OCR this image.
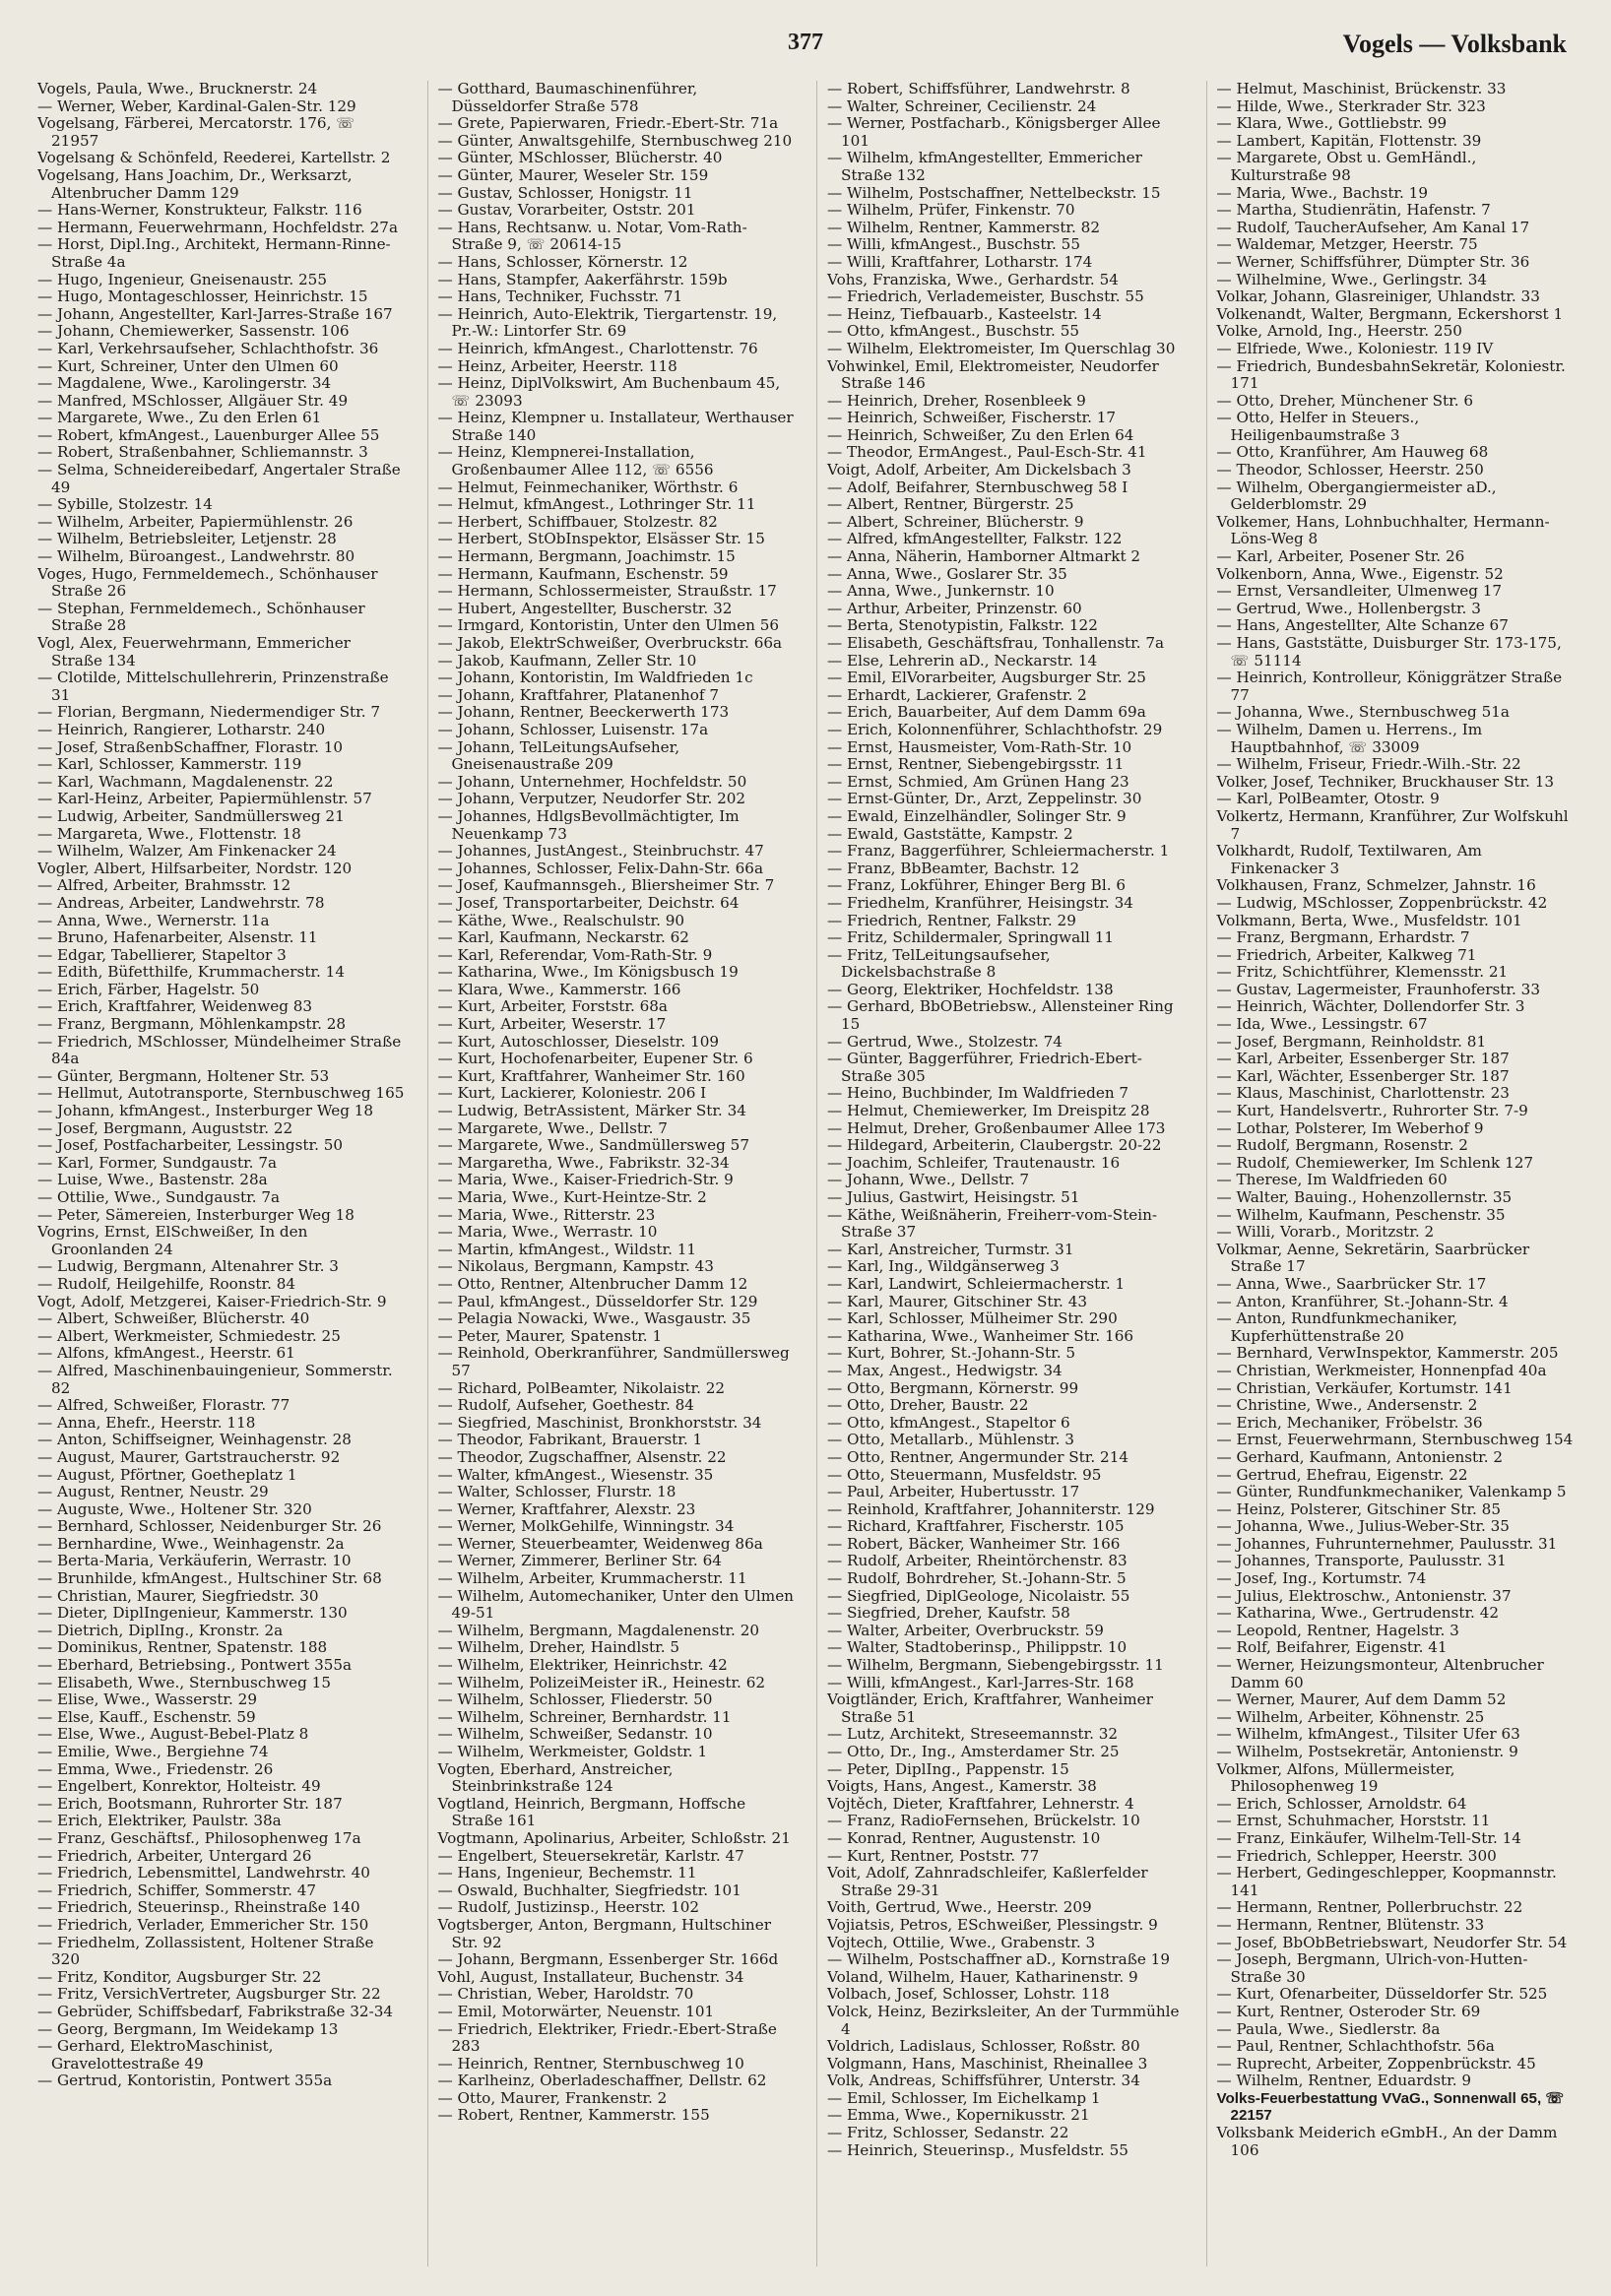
377	Vogels — Volksbank
Vogels, Paula, Wwe., Brucknerstr. 24
— Werner, Weber, Kardinal-Galen-Str. 129
Vogelsang, Färberei, Mercatorstr. 176, ☏ 21957
Vogelsang & Schönfeld, Reederei, Kartellstr. 2
Vogelsang, Hans Joachim, Dr., Werksarzt, Altenbrucher Damm 129
— Hans-Werner, Konstrukteur, Falkstr. 116
— Hermann, Feuerwehrmann, Hochfeldstr. 27a
— Horst, Dipl.Ing., Architekt, Hermann-Rinne-Straße 4a
— Hugo, Ingenieur, Gneisenaustr. 255
— Hugo, Montageschlosser, Heinrichstr. 15
— Johann, Angestellter, Karl-Jarres-Straße 167
— Johann, Chemiewerker, Sassenstr. 106
— Karl, Verkehrsaufseher, Schlachthofstr. 36
— Kurt, Schreiner, Unter den Ulmen 60
— Magdalene, Wwe., Karolingerstr. 34
— Manfred, MSchlosser, Allgäuer Str. 49
— Margarete, Wwe., Zu den Erlen 61
— Robert, kfmAngest., Lauenburger Allee 55
— Robert, Straßenbahner, Schliemannstr. 3
— Selma, Schneidereibedarf, Angertaler Straße 49
— Sybille, Stolzestr. 14
— Wilhelm, Arbeiter, Papiermühlenstr. 26
— Wilhelm, Betriebsleiter, Letjenstr. 28
— Wilhelm, Büroangest., Landwehrstr. 80
Voges, Hugo, Fernmeldemech., Schönhauser Straße 26
— Stephan, Fernmeldemech., Schönhauser Straße 28
Vogl, Alex, Feuerwehrmann, Emmericher Straße 134
— Clotilde, Mittelschullehrerin, Prinzenstraße 31
— Florian, Bergmann, Niedermendiger Str. 7
— Heinrich, Rangierer, Lotharstr. 240
— Josef, StraßenbSchaffner, Florastr. 10
— Karl, Schlosser, Kammerstr. 119
— Karl, Wachmann, Magdalenenstr. 22
— Karl-Heinz, Arbeiter, Papiermühlenstr. 57
— Ludwig, Arbeiter, Sandmüllersweg 21
— Margareta, Wwe., Flottenstr. 18
— Wilhelm, Walzer, Am Finkenacker 24
Vogler, Albert, Hilfsarbeiter, Nordstr. 120
— Alfred, Arbeiter, Brahmsstr. 12
— Andreas, Arbeiter, Landwehrstr. 78
— Anna, Wwe., Wernerstr. 11a
— Bruno, Hafenarbeiter, Alsenstr. 11
— Edgar, Tabellierer, Stapeltor 3
— Edith, Büfetthilfe, Krummacherstr. 14
— Erich, Färber, Hagelstr. 50
— Erich, Kraftfahrer, Weidenweg 83
— Franz, Bergmann, Möhlenkampstr. 28
— Friedrich, MSchlosser, Mündelheimer Straße 84a
— Günter, Bergmann, Holtener Str. 53
— Hellmut, Autotransporte, Sternbuschweg 165
— Johann, kfmAngest., Insterburger Weg 18
— Josef, Bergmann, Auguststr. 22
— Josef, Postfacharbeiter, Lessingstr. 50
— Karl, Former, Sundgaustr. 7a
— Luise, Wwe., Bastenstr. 28a
— Ottilie, Wwe., Sundgaustr. 7a
— Peter, Sämereien, Insterburger Weg 18
Vogrins, Ernst, ElSchweißer, In den Groonlanden 24
— Ludwig, Bergmann, Altenahrer Str. 3
— Rudolf, Heilgehilfe, Roonstr. 84
Vogt, Adolf, Metzgerei, Kaiser-Friedrich-Str. 9
— Albert, Schweißer, Blücherstr. 40
— Albert, Werkmeister, Schmiedestr. 25
— Alfons, kfmAngest., Heerstr. 61
— Alfred, Maschinenbauingenieur, Sommerstr. 82
— Alfred, Schweißer, Florastr. 77
— Anna, Ehefr., Heerstr. 118
— Anton, Schiffseigner, Weinhagenstr. 28
— August, Maurer, Gartstraucherstr. 92
— August, Pförtner, Goetheplatz 1
— August, Rentner, Neustr. 29
— Auguste, Wwe., Holtener Str. 320
— Bernhard, Schlosser, Neidenburger Str. 26
— Bernhardine, Wwe., Weinhagenstr. 2a
— Berta-Maria, Verkäuferin, Werrastr. 10
— Brunhilde, kfmAngest., Hultschiner Str. 68
— Christian, Maurer, Siegfriedstr. 30
— Dieter, DiplIngenieur, Kammerstr. 130
— Dietrich, DiplIng., Kronstr. 2a
— Dominikus, Rentner, Spatenstr. 188
— Eberhard, Betriebsing., Pontwert 355a
— Elisabeth, Wwe., Sternbuschweg 15
— Elise, Wwe., Wasserstr. 29
— Else, Kauff., Eschenstr. 59
— Else, Wwe., August-Bebel-Platz 8
— Emilie, Wwe., Bergiehne 74
— Emma, Wwe., Friedenstr. 26
— Engelbert, Konrektor, Holteistr. 49
— Erich, Bootsmann, Ruhrorter Str. 187
— Erich, Elektriker, Paulstr. 38a
— Franz, Geschäftsf., Philosophenweg 17a
— Friedrich, Arbeiter, Untergard 26
— Friedrich, Lebensmittel, Landwehrstr. 40
— Friedrich, Schiffer, Sommerstr. 47
— Friedrich, Steuerinsp., Rheinstraße 140
— Friedrich, Verlader, Emmericher Str. 150
— Friedhelm, Zollassistent, Holtener Straße 320
— Fritz, Konditor, Augsburger Str. 22
— Fritz, VersichVertreter, Augsburger Str. 22
— Gebrüder, Schiffsbedarf, Fabrikstraße 32-34
— Georg, Bergmann, Im Weidekamp 13
— Gerhard, ElektroMaschinist, Gravelottestraße 49
— Gertrud, Kontoristin, Pontwert 355a
— Gotthard, Baumaschinenführer, Düsseldorfer Straße 578
— Grete, Papierwaren, Friedr.-Ebert-Str. 71a
— Günter, Anwaltsgehilfe, Sternbuschweg 210
— Günter, MSchlosser, Blücherstr. 40
— Günter, Maurer, Weseler Str. 159
— Gustav, Schlosser, Honigstr. 11
— Gustav, Vorarbeiter, Oststr. 201
— Hans, Rechtsanw. u. Notar, Vom-Rath-Straße 9, ☏ 20614-15
— Hans, Schlosser, Körnerstr. 12
— Hans, Stampfer, Aakerfährstr. 159b
— Hans, Techniker, Fuchsstr. 71
— Heinrich, Auto-Elektrik, Tiergartenstr. 19, Pr.-W.: Lintorfer Str. 69
— Heinrich, kfmAngest., Charlottenstr. 76
— Heinz, Arbeiter, Heerstr. 118
— Heinz, DiplVolkswirt, Am Buchenbaum 45, ☏ 23093
— Heinz, Klempner u. Installateur, Werthauser Straße 140
— Heinz, Klempnerei-Installation, Großenbaumer Allee 112, ☏ 6556
— Helmut, Feinmechaniker, Wörthstr. 6
— Helmut, kfmAngest., Lothringer Str. 11
— Herbert, Schiffbauer, Stolzestr. 82
— Herbert, StObInspektor, Elsässer Str. 15
— Hermann, Bergmann, Joachimstr. 15
— Hermann, Kaufmann, Eschenstr. 59
— Hermann, Schlossermeister, Straußstr. 17
— Hubert, Angestellter, Buscherstr. 32
— Irmgard, Kontoristin, Unter den Ulmen 56
— Jakob, ElektrSchweißer, Overbruckstr. 66a
— Jakob, Kaufmann, Zeller Str. 10
— Johann, Kontoristin, Im Waldfrieden 1c
— Johann, Kraftfahrer, Platanenhof 7
— Johann, Rentner, Beeckerwerth 173
— Johann, Schlosser, Luisenstr. 17a
— Johann, TelLeitungsAufseher, Gneisenaustraße 209
— Johann, Unternehmer, Hochfeldstr. 50
— Johann, Verputzer, Neudorfer Str. 202
— Johannes, HdlgsBevollmächtigter, Im Neuenkamp 73
— Johannes, JustAngest., Steinbruchstr. 47
— Johannes, Schlosser, Felix-Dahn-Str. 66a
— Josef, Kaufmannsgeh., Bliersheimer Str. 7
— Josef, Transportarbeiter, Deichstr. 64
— Käthe, Wwe., Realschulstr. 90
— Karl, Kaufmann, Neckarstr. 62
— Karl, Referendar, Vom-Rath-Str. 9
— Katharina, Wwe., Im Königsbusch 19
— Klara, Wwe., Kammerstr. 166
— Kurt, Arbeiter, Forststr. 68a
— Kurt, Arbeiter, Weserstr. 17
— Kurt, Autoschlosser, Dieselstr. 109
— Kurt, Hochofenarbeiter, Eupener Str. 6
— Kurt, Kraftfahrer, Wanheimer Str. 160
— Kurt, Lackierer, Koloniestr. 206 I
— Ludwig, BetrAssistent, Märker Str. 34
— Margarete, Wwe., Dellstr. 7
— Margarete, Wwe., Sandmüllersweg 57
— Margaretha, Wwe., Fabrikstr. 32-34
— Maria, Wwe., Kaiser-Friedrich-Str. 9
— Maria, Wwe., Kurt-Heintze-Str. 2
— Maria, Wwe., Ritterstr. 23
— Maria, Wwe., Werrastr. 10
— Martin, kfmAngest., Wildstr. 11
— Nikolaus, Bergmann, Kampstr. 43
— Otto, Rentner, Altenbrucher Damm 12
— Paul, kfmAngest., Düsseldorfer Str. 129
— Pelagia Nowacki, Wwe., Wasgaustr. 35
— Peter, Maurer, Spatenstr. 1
— Reinhold, Oberkranführer, Sandmüllersweg 57
— Richard, PolBeamter, Nikolaistr. 22
— Rudolf, Aufseher, Goethestr. 84
— Siegfried, Maschinist, Bronkhorststr. 34
— Theodor, Fabrikant, Brauerstr. 1
— Theodor, Zugschaffner, Alsenstr. 22
— Walter, kfmAngest., Wiesenstr. 35
— Walter, Schlosser, Flurstr. 18
— Werner, Kraftfahrer, Alexstr. 23
— Werner, MolkGehilfe, Winningstr. 34
— Werner, Steuerbeamter, Weidenweg 86a
— Werner, Zimmerer, Berliner Str. 64
— Wilhelm, Arbeiter, Krummacherstr. 11
— Wilhelm, Automechaniker, Unter den Ulmen 49-51
— Wilhelm, Bergmann, Magdalenenstr. 20
— Wilhelm, Dreher, Haindlstr. 5
— Wilhelm, Elektriker, Heinrichstr. 42
— Wilhelm, PolizeiMeister iR., Heinestr. 62
— Wilhelm, Schlosser, Fliederstr. 50
— Wilhelm, Schreiner, Bernhardstr. 11
— Wilhelm, Schweißer, Sedanstr. 10
— Wilhelm, Werkmeister, Goldstr. 1
Vogten, Eberhard, Anstreicher, Steinbrinkstraße 124
Vogtland, Heinrich, Bergmann, Hoffsche Straße 161
Vogtmann, Apolinarius, Arbeiter, Schloßstr. 21
— Engelbert, Steuersekretär, Karlstr. 47
— Hans, Ingenieur, Bechemstr. 11
— Oswald, Buchhalter, Siegfriedstr. 101
— Rudolf, Justizinsp., Heerstr. 102
Vogtsberger, Anton, Bergmann, Hultschiner Str. 92
— Johann, Bergmann, Essenberger Str. 166d
Vohl, August, Installateur, Buchenstr. 34
— Christian, Weber, Haroldstr. 70
— Emil, Motorwärter, Neuenstr. 101
— Friedrich, Elektriker, Friedr.-Ebert-Straße 283
— Heinrich, Rentner, Sternbuschweg 10
— Karlheinz, Oberladeschaffner, Dellstr. 62
— Otto, Maurer, Frankenstr. 2
— Robert, Rentner, Kammerstr. 155
— Robert, Schiffsführer, Landwehrstr. 8
— Walter, Schreiner, Cecilienstr. 24
— Werner, Postfacharb., Königsberger Allee 101
— Wilhelm, kfmAngestellter, Emmericher Straße 132
— Wilhelm, Postschaffner, Nettelbeckstr. 15
— Wilhelm, Prüfer, Finkenstr. 70
— Wilhelm, Rentner, Kammerstr. 82
— Willi, kfmAngest., Buschstr. 55
— Willi, Kraftfahrer, Lotharstr. 174
Vohs, Franziska, Wwe., Gerhardstr. 54
— Friedrich, Verlademeister, Buschstr. 55
— Heinz, Tiefbauarb., Kasteelstr. 14
— Otto, kfmAngest., Buschstr. 55
— Wilhelm, Elektromeister, Im Querschlag 30
Vohwinkel, Emil, Elektromeister, Neudorfer Straße 146
— Heinrich, Dreher, Rosenbleek 9
— Heinrich, Schweißer, Fischerstr. 17
— Heinrich, Schweißer, Zu den Erlen 64
— Theodor, ErmAngest., Paul-Esch-Str. 41
Voigt, Adolf, Arbeiter, Am Dickelsbach 3
— Adolf, Beifahrer, Sternbuschweg 58 I
— Albert, Rentner, Bürgerstr. 25
— Albert, Schreiner, Blücherstr. 9
— Alfred, kfmAngestellter, Falkstr. 122
— Anna, Näherin, Hamborner Altmarkt 2
— Anna, Wwe., Goslarer Str. 35
— Anna, Wwe., Junkernstr. 10
— Arthur, Arbeiter, Prinzenstr. 60
— Berta, Stenotypistin, Falkstr. 122
— Elisabeth, Geschäftsfrau, Tonhallenstr. 7a
— Else, Lehrerin aD., Neckarstr. 14
— Emil, ElVorarbeiter, Augsburger Str. 25
— Erhardt, Lackierer, Grafenstr. 2
— Erich, Bauarbeiter, Auf dem Damm 69a
— Erich, Kolonnenführer, Schlachthofstr. 29
— Ernst, Hausmeister, Vom-Rath-Str. 10
— Ernst, Rentner, Siebengebirgsstr. 11
— Ernst, Schmied, Am Grünen Hang 23
— Ernst-Günter, Dr., Arzt, Zeppelinstr. 30
— Ewald, Einzelhändler, Solinger Str. 9
— Ewald, Gaststätte, Kampstr. 2
— Franz, Baggerführer, Schleiermacherstr. 1
— Franz, BbBeamter, Bachstr. 12
— Franz, Lokführer, Ehinger Berg Bl. 6
— Friedhelm, Kranführer, Heisingstr. 34
— Friedrich, Rentner, Falkstr. 29
— Fritz, Schildermaler, Springwall 11
— Fritz, TelLeitungsaufseher, Dickelsbachstraße 8
— Georg, Elektriker, Hochfeldstr. 138
— Gerhard, BbOBetriebsw., Allensteiner Ring 15
— Gertrud, Wwe., Stolzestr. 74
— Günter, Baggerführer, Friedrich-Ebert-Straße 305
— Heino, Buchbinder, Im Waldfrieden 7
— Helmut, Chemiewerker, Im Dreispitz 28
— Helmut, Dreher, Großenbaumer Allee 173
— Hildegard, Arbeiterin, Claubergstr. 20-22
— Joachim, Schleifer, Trautenaustr. 16
— Johann, Wwe., Dellstr. 7
— Julius, Gastwirt, Heisingstr. 51
— Käthe, Weißnäherin, Freiherr-vom-Stein-Straße 37
— Karl, Anstreicher, Turmstr. 31
— Karl, Ing., Wildgänserweg 3
— Karl, Landwirt, Schleiermacherstr. 1
— Karl, Maurer, Gitschiner Str. 43
— Karl, Schlosser, Mülheimer Str. 290
— Katharina, Wwe., Wanheimer Str. 166
— Kurt, Bohrer, St.-Johann-Str. 5
— Max, Angest., Hedwigstr. 34
— Otto, Bergmann, Körnerstr. 99
— Otto, Dreher, Baustr. 22
— Otto, kfmAngest., Stapeltor 6
— Otto, Metallarb., Mühlenstr. 3
— Otto, Rentner, Angermunder Str. 214
— Otto, Steuermann, Musfeldstr. 95
— Paul, Arbeiter, Hubertusstr. 17
— Reinhold, Kraftfahrer, Johanniterstr. 129
— Richard, Kraftfahrer, Fischerstr. 105
— Robert, Bäcker, Wanheimer Str. 166
— Rudolf, Arbeiter, Rheintörchenstr. 83
— Rudolf, Bohrdreher, St.-Johann-Str. 5
— Siegfried, DiplGeologe, Nicolaistr. 55
— Siegfried, Dreher, Kaufstr. 58
— Walter, Arbeiter, Overbruckstr. 59
— Walter, Stadtoberinsp., Philippstr. 10
— Wilhelm, Bergmann, Siebengebirgsstr. 11
— Willi, kfmAngest., Karl-Jarres-Str. 168
Voigtländer, Erich, Kraftfahrer, Wanheimer Straße 51
— Lutz, Architekt, Streseemannstr. 32
— Otto, Dr., Ing., Amsterdamer Str. 25
— Peter, DiplIng., Pappenstr. 15
Voigts, Hans, Angest., Kamerstr. 38
Vojtěch, Dieter, Kraftfahrer, Lehnerstr. 4
— Franz, RadioFernsehen, Brückelstr. 10
— Konrad, Rentner, Augustenstr. 10
— Kurt, Rentner, Poststr. 77
Voit, Adolf, Zahnradschleifer, Kaßlerfelder Straße 29-31
Voith, Gertrud, Wwe., Heerstr. 209
Vojiatsis, Petros, ESchweißer, Plessingstr. 9
Vojtech, Ottilie, Wwe., Grabenstr. 3
— Wilhelm, Postschaffner aD., Kornstraße 19
Voland, Wilhelm, Hauer, Katharinenstr. 9
Volbach, Josef, Schlosser, Lohstr. 118
Volck, Heinz, Bezirksleiter, An der Turmmühle 4
Voldrich, Ladislaus, Schlosser, Roßstr. 80
Volgmann, Hans, Maschinist, Rheinallee 3
Volk, Andreas, Schiffsführer, Unterstr. 34
— Emil, Schlosser, Im Eichelkamp 1
— Emma, Wwe., Kopernikusstr. 21
— Fritz, Schlosser, Sedanstr. 22
— Heinrich, Steuerinsp., Musfeldstr. 55
— Helmut, Maschinist, Brückenstr. 33
— Hilde, Wwe., Sterkrader Str. 323
— Klara, Wwe., Gottliebstr. 99
— Lambert, Kapitän, Flottenstr. 39
— Margarete, Obst u. GemHändl., Kulturstraße 98
— Maria, Wwe., Bachstr. 19
— Martha, Studienrätin, Hafenstr. 7
— Rudolf, TaucherAufseher, Am Kanal 17
— Waldemar, Metzger, Heerstr. 75
— Werner, Schiffsführer, Dümpter Str. 36
— Wilhelmine, Wwe., Gerlingstr. 34
Volkar, Johann, Glasreiniger, Uhlandstr. 33
Volkenandt, Walter, Bergmann, Eckershorst 1
Volke, Arnold, Ing., Heerstr. 250
— Elfriede, Wwe., Koloniestr. 119 IV
— Friedrich, BundesbahnSekretär, Koloniestr. 171
— Otto, Dreher, Münchener Str. 6
— Otto, Helfer in Steuers., Heiligenbaumstraße 3
— Otto, Kranführer, Am Hauweg 68
— Theodor, Schlosser, Heerstr. 250
— Wilhelm, Obergangiermeister aD., Gelderblomstr. 29
Volkemer, Hans, Lohnbuchhalter, Hermann-Löns-Weg 8
— Karl, Arbeiter, Posener Str. 26
Volkenborn, Anna, Wwe., Eigenstr. 52
— Ernst, Versandleiter, Ulmenweg 17
— Gertrud, Wwe., Hollenbergstr. 3
— Hans, Angestellter, Alte Schanze 67
— Hans, Gaststätte, Duisburger Str. 173-175, ☏ 51114
— Heinrich, Kontrolleur, Königgrätzer Straße 77
— Johanna, Wwe., Sternbuschweg 51a
— Wilhelm, Damen u. Herrens., Im Hauptbahnhof, ☏ 33009
— Wilhelm, Friseur, Friedr.-Wilh.-Str. 22
Volker, Josef, Techniker, Bruckhauser Str. 13
— Karl, PolBeamter, Otostr. 9
Volkertz, Hermann, Kranführer, Zur Wolfskuhl 7
Volkhardt, Rudolf, Textilwaren, Am Finkenacker 3
Volkhausen, Franz, Schmelzer, Jahnstr. 16
— Ludwig, MSchlosser, Zoppenbrückstr. 42
Volkmann, Berta, Wwe., Musfeldstr. 101
— Franz, Bergmann, Erhardstr. 7
— Friedrich, Arbeiter, Kalkweg 71
— Fritz, Schichtführer, Klemensstr. 21
— Gustav, Lagermeister, Fraunhoferstr. 33
— Heinrich, Wächter, Dollendorfer Str. 3
— Ida, Wwe., Lessingstr. 67
— Josef, Bergmann, Reinholdstr. 81
— Karl, Arbeiter, Essenberger Str. 187
— Karl, Wächter, Essenberger Str. 187
— Klaus, Maschinist, Charlottenstr. 23
— Kurt, Handelsvertr., Ruhrorter Str. 7-9
— Lothar, Polsterer, Im Weberhof 9
— Rudolf, Bergmann, Rosenstr. 2
— Rudolf, Chemiewerker, Im Schlenk 127
— Therese, Im Waldfrieden 60
— Walter, Bauing., Hohenzollernstr. 35
— Wilhelm, Kaufmann, Peschenstr. 35
— Willi, Vorarb., Moritzstr. 2
Volkmar, Aenne, Sekretärin, Saarbrücker Straße 17
— Anna, Wwe., Saarbrücker Str. 17
— Anton, Kranführer, St.-Johann-Str. 4
— Anton, Rundfunkmechaniker, Kupferhüttenstraße 20
— Bernhard, VerwInspektor, Kammerstr. 205
— Christian, Werkmeister, Honnenpfad 40a
— Christian, Verkäufer, Kortumstr. 141
— Christine, Wwe., Andersenstr. 2
— Erich, Mechaniker, Fröbelstr. 36
— Ernst, Feuerwehrmann, Sternbuschweg 154
— Gerhard, Kaufmann, Antonienstr. 2
— Gertrud, Ehefrau, Eigenstr. 22
— Günter, Rundfunkmechaniker, Valenkamp 5
— Heinz, Polsterer, Gitschiner Str. 85
— Johanna, Wwe., Julius-Weber-Str. 35
— Johannes, Fuhrunternehmer, Paulusstr. 31
— Johannes, Transporte, Paulusstr. 31
— Josef, Ing., Kortumstr. 74
— Julius, Elektroschw., Antonienstr. 37
— Katharina, Wwe., Gertrudenstr. 42
— Leopold, Rentner, Hagelstr. 3
— Rolf, Beifahrer, Eigenstr. 41
— Werner, Heizungsmonteur, Altenbrucher Damm 60
— Werner, Maurer, Auf dem Damm 52
— Wilhelm, Arbeiter, Köhnenstr. 25
— Wilhelm, kfmAngest., Tilsiter Ufer 63
— Wilhelm, Postsekretär, Antonienstr. 9
Volkmer, Alfons, Müllermeister, Philosophenweg 19
— Erich, Schlosser, Arnoldstr. 64
— Ernst, Schuhmacher, Horststr. 11
— Franz, Einkäufer, Wilhelm-Tell-Str. 14
— Friedrich, Schlepper, Heerstr. 300
— Herbert, Gedingeschlepper, Koopmannstr. 141
— Hermann, Rentner, Pollerbruchstr. 22
— Hermann, Rentner, Blütenstr. 33
— Josef, BbObBetriebswart, Neudorfer Str. 54
— Joseph, Bergmann, Ulrich-von-Hutten-Straße 30
— Kurt, Ofenarbeiter, Düsseldorfer Str. 525
— Kurt, Rentner, Osteroder Str. 69
— Paula, Wwe., Siedlerstr. 8a
— Paul, Rentner, Schlachthofstr. 56a
— Ruprecht, Arbeiter, Zoppenbrückstr. 45
— Wilhelm, Rentner, Eduardstr. 9
Volks-Feuerbestattung VVaG., Sonnenwall 65, ☏ 22157
Volksbank Meiderich eGmbH., An der Damm 106
